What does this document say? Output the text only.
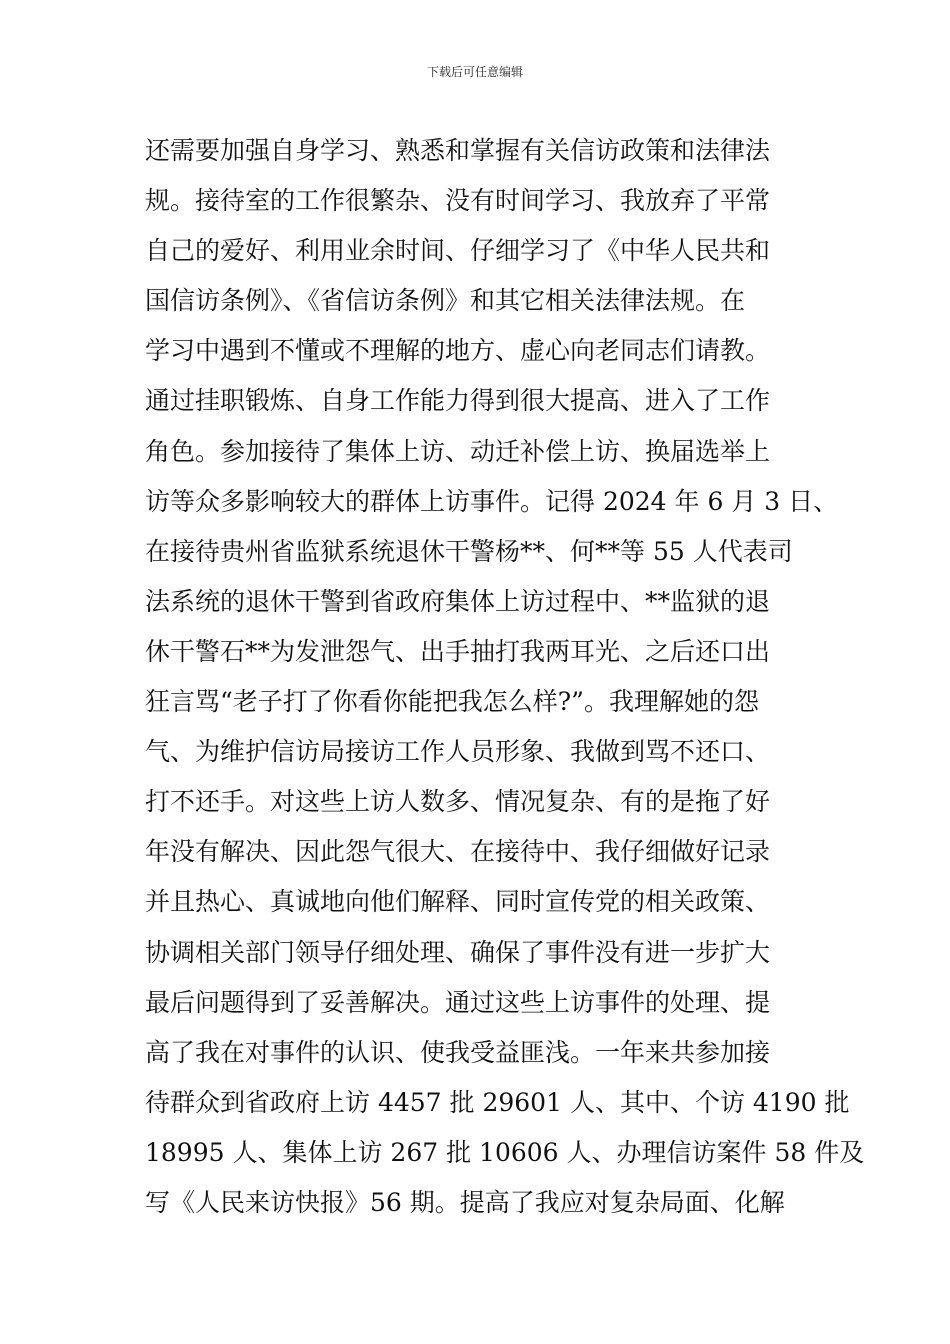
下载后可任意编辑
还需要加强自身学习、熟悉和掌握有关信访政策和法律法
规。接待室的工作很繁杂、没有时间学习、我放弃了平常
自己的爱好、利用业余时间、仔细学习了《中华人民共和
国信访条例》、《省信访条例》和其它相关法律法规。在
学习中遇到不懂或不理解的地方、虚心向老同志们请教。
通过挂职锻炼、自身工作能力得到很大提高、进入了工作
角色。参加接待了集体上访、动迁补偿上访、换届选举上
访等众多影响较大的群体上访事件。记得 2024 年 6 月 3 日、
在接待贵州省监狱系统退休干警杨**、何**等 55 人代表司
法系统的退休干警到省政府集体上访过程中、**监狱的退
休干警石**为发泄怨气、出手抽打我两耳光、之后还口出
狂言骂“老子打了你看你能把我怎么样?”。我理解她的怨
气、为维护信访局接访工作人员形象、我做到骂不还口、
打不还手。对这些上访人数多、情况复杂、有的是拖了好
年没有解决、因此怨气很大、在接待中、我仔细做好记录
并且热心、真诚地向他们解释、同时宣传党的相关政策、
协调相关部门领导仔细处理、确保了事件没有进一步扩大
最后问题得到了妥善解决。通过这些上访事件的处理、提
高了我在对事件的认识、使我受益匪浅。一年来共参加接
待群众到省政府上访 4457 批 29601 人、其中、个访 4190 批
18995 人、集体上访 267 批 10606 人、办理信访案件 58 件及
写《人民来访快报》56 期。提高了我应对复杂局面、化解
